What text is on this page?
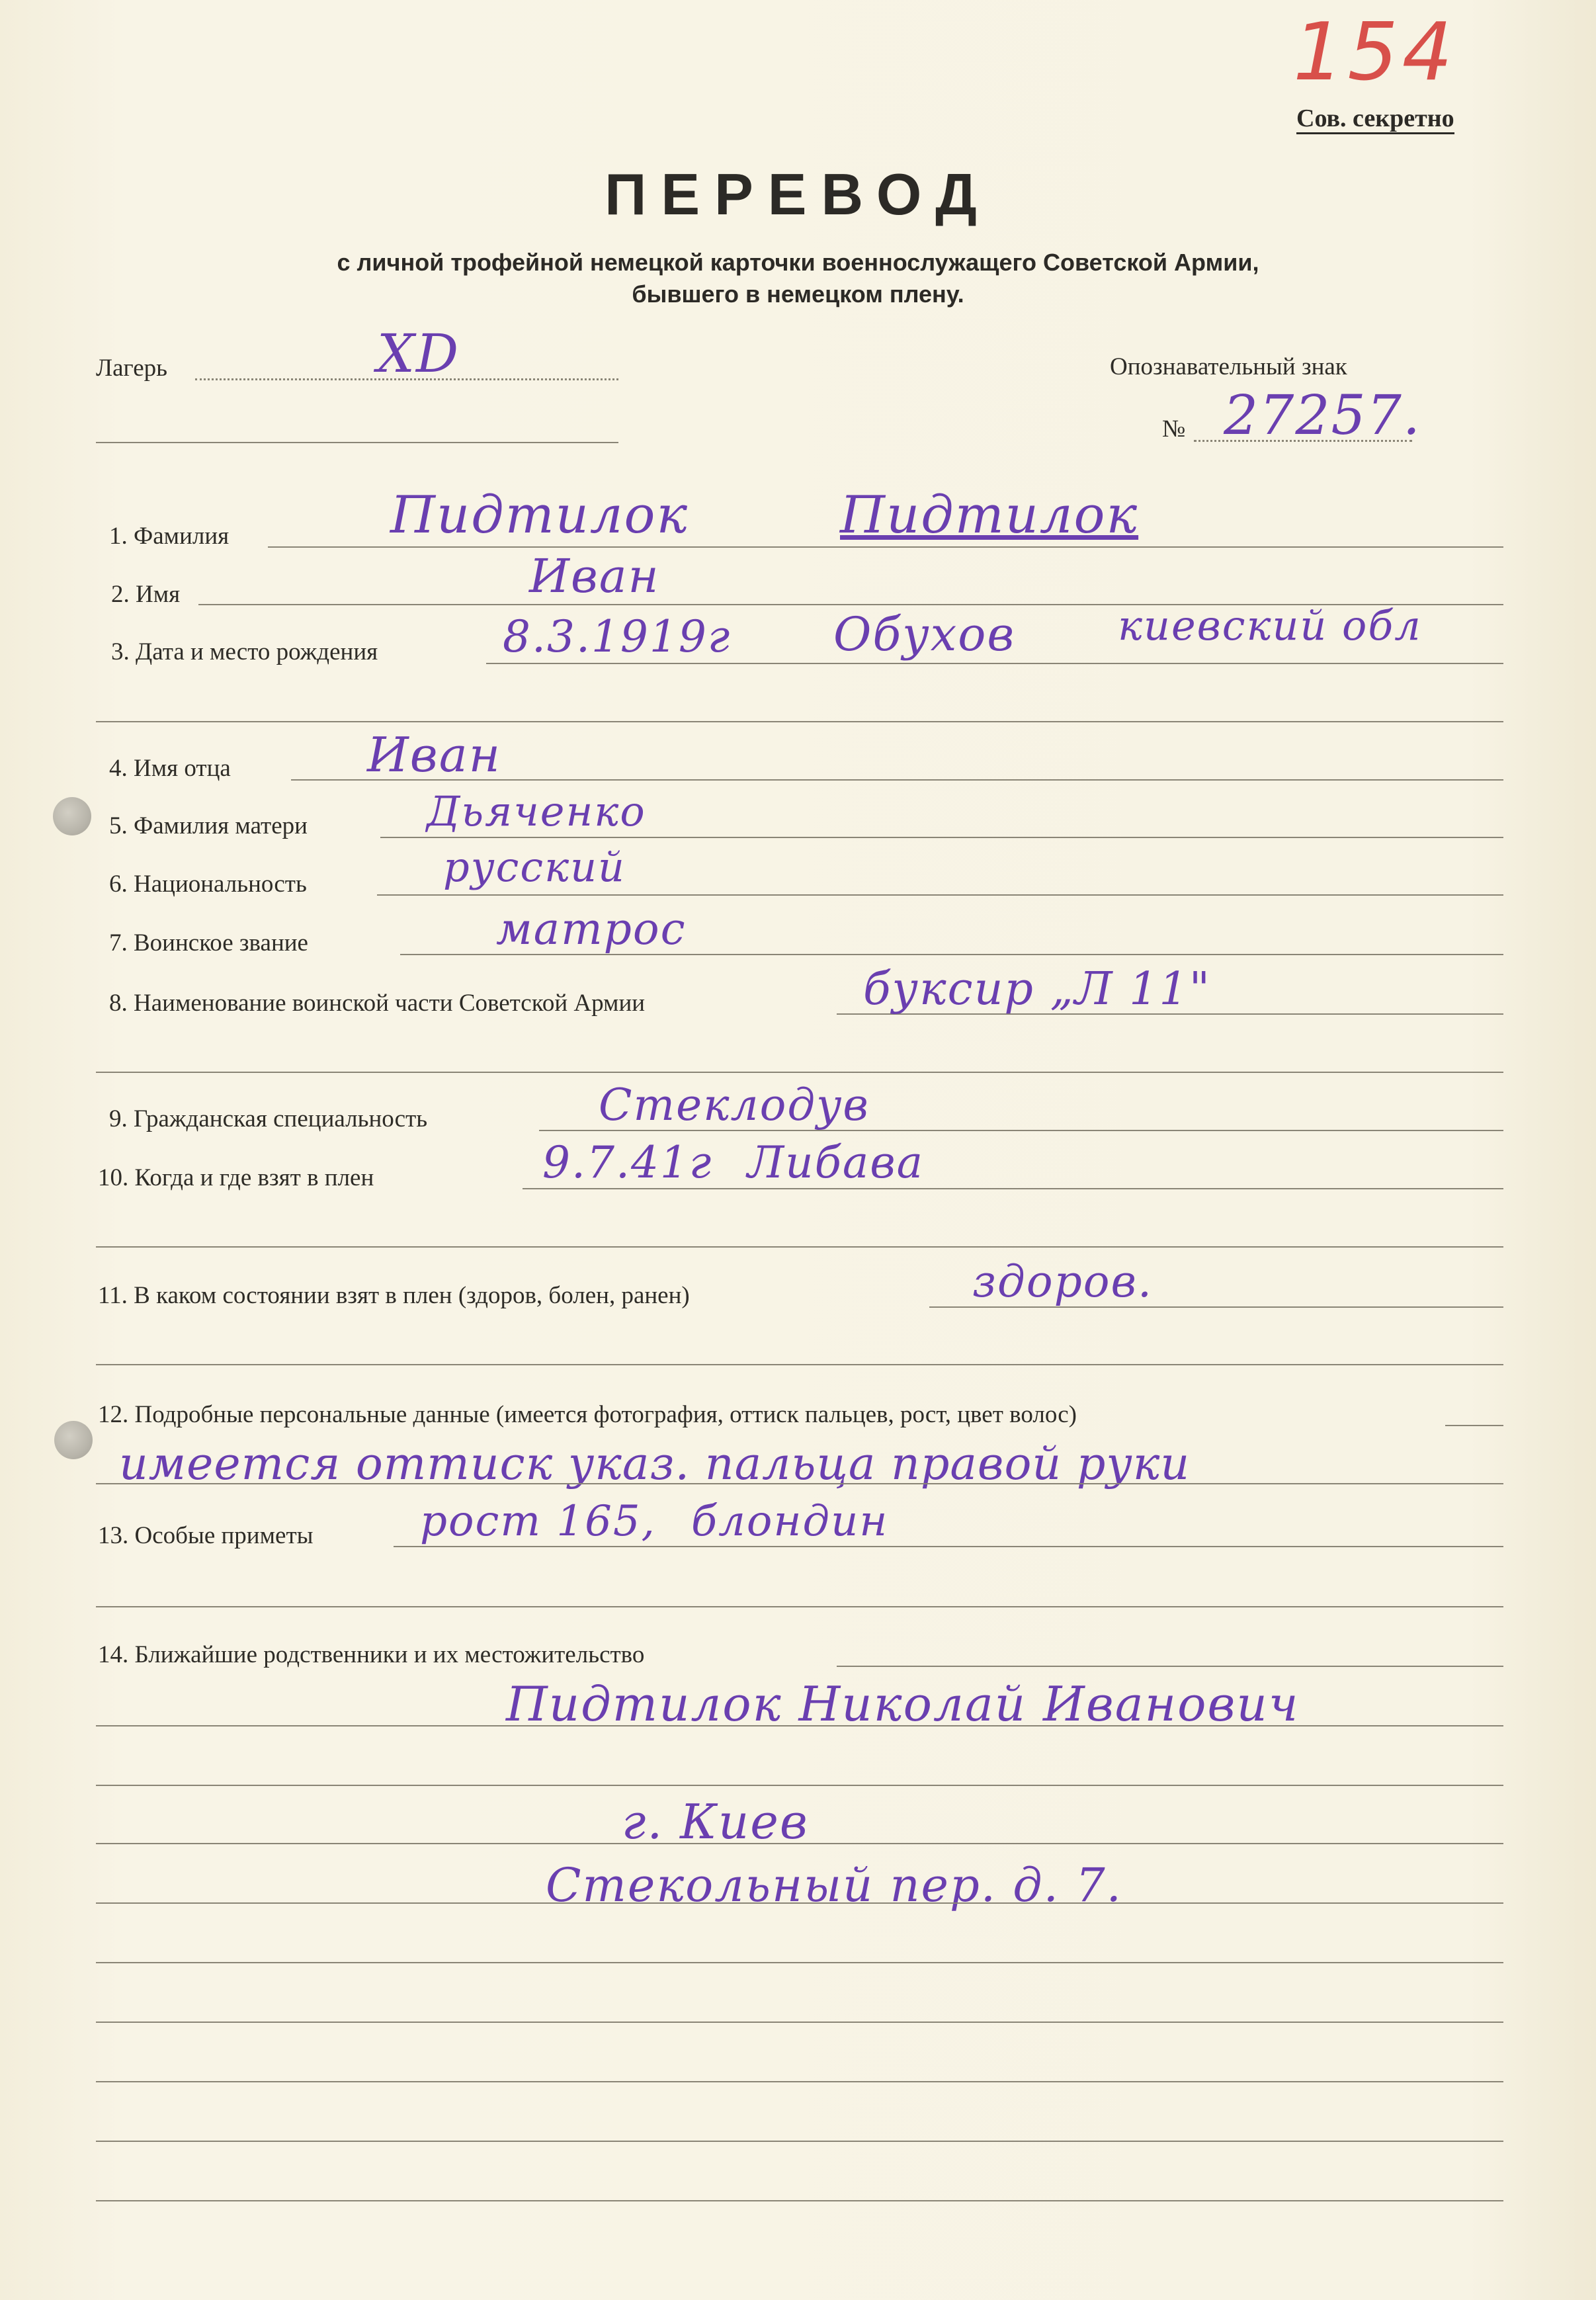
154
Сов. секретно
ПЕРЕВОД
с личной трофейной немецкой карточки военнослужащего Советской Армии,
бывшего в немецком плену.
Лагерь	XD	Опознавательный знак
№ 27257.
1. Фамилия	Пидтилок	Пидтилок
2. Имя	Иван
3. Дата и место рождения	8.3.1919г Обухов киевский обл
4. Имя отца	Иван
5. Фамилия матери	Дьяченко
6. Национальность	русский
7. Воинское звание	матрос
8. Наименование воинской части Советской Армии	буксир „Л 11"
9. Гражданская специальность	Стеклодув
10. Когда и где взят в плен	9.7.41г Либава
11. В каком состоянии взят в плен (здоров, болен, ранен)	здоров.
12. Подробные персональные данные (имеется фотография, оттиск пальцев, рост, цвет волос)
имеется оттиск указ. пальца правой руки
13. Особые приметы	рост 165, блондин
14. Ближайшие родственники и их местожительство
Пидтилок Николай Иванович
г. Киев
Стекольный пер. д. 7.
